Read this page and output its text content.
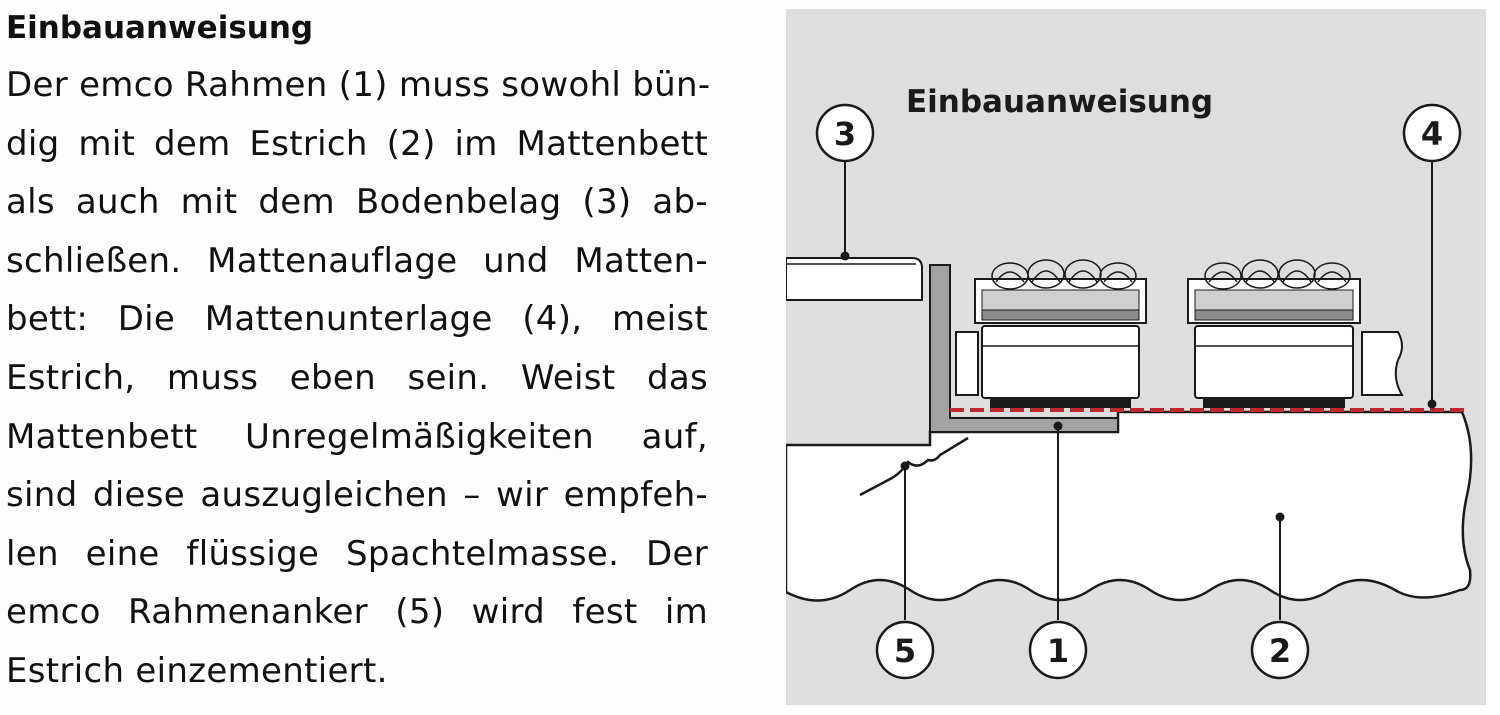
Einbauanweisung
Der emco Rahmen (1) muss sowohl bün-
dig mit dem Estrich (2) im Mattenbett
als auch mit dem Bodenbelag (3) ab-
schließen. Mattenauflage und Matten-
bett: Die Mattenunterlage (4), meist
Estrich, muss eben sein. Weist das
Mattenbett Unregelmäßigkeiten auf,
sind diese auszugleichen – wir empfeh-
len eine flüssige Spachtelmasse. Der
emco Rahmenanker (5) wird fest im
Estrich einzementiert.
Einbauanweisung
3	4
5	1	2
